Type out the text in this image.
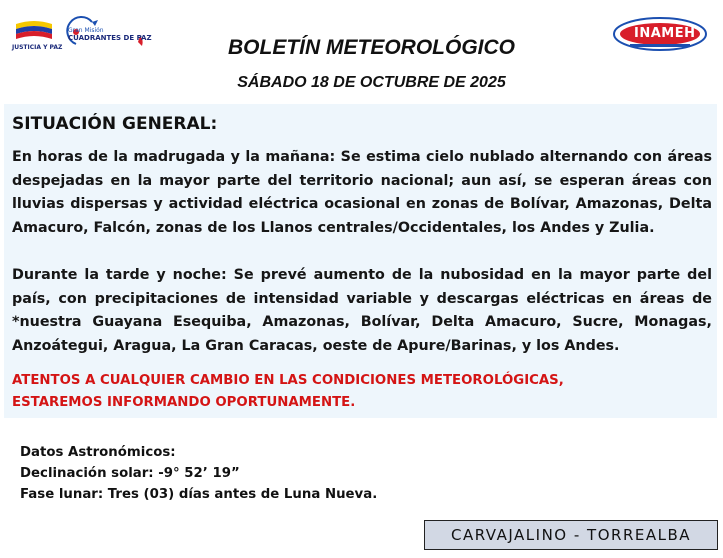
JUSTICIA Y PAZ
Gran Misión
CUADRANTES DE PAZ	INAMEH
BOLETÍN METEOROLÓGICO
SÁBADO 18 DE OCTUBRE DE 2025
SITUACIÓN GENERAL:

En horas de la madrugada y la mañana: Se estima cielo nublado alternando con áreas despejadas en la mayor parte del territorio nacional; aun así, se esperan áreas con lluvias dispersas y actividad eléctrica ocasional en zonas de Bolívar, Amazonas, Delta Amacuro, Falcón, zonas de los Llanos centrales/Occidentales, los Andes y Zulia.

Durante la tarde y noche: Se prevé aumento de la nubosidad en la mayor parte del país, con precipitaciones de intensidad variable y descargas eléctricas en áreas de *nuestra Guayana Esequiba, Amazonas, Bolívar, Delta Amacuro, Sucre, Monagas, Anzoátegui, Aragua, La Gran Caracas, oeste de Apure/Barinas, y los Andes.

ATENTOS A CUALQUIER CAMBIO EN LAS CONDICIONES METEOROLÓGICAS,
ESTAREMOS INFORMANDO OPORTUNAMENTE.
Datos Astronómicos:
Declinación solar: -9° 52’ 19”
Fase lunar: Tres (03) días antes de Luna Nueva.
CARVAJALINO - TORREALBA
